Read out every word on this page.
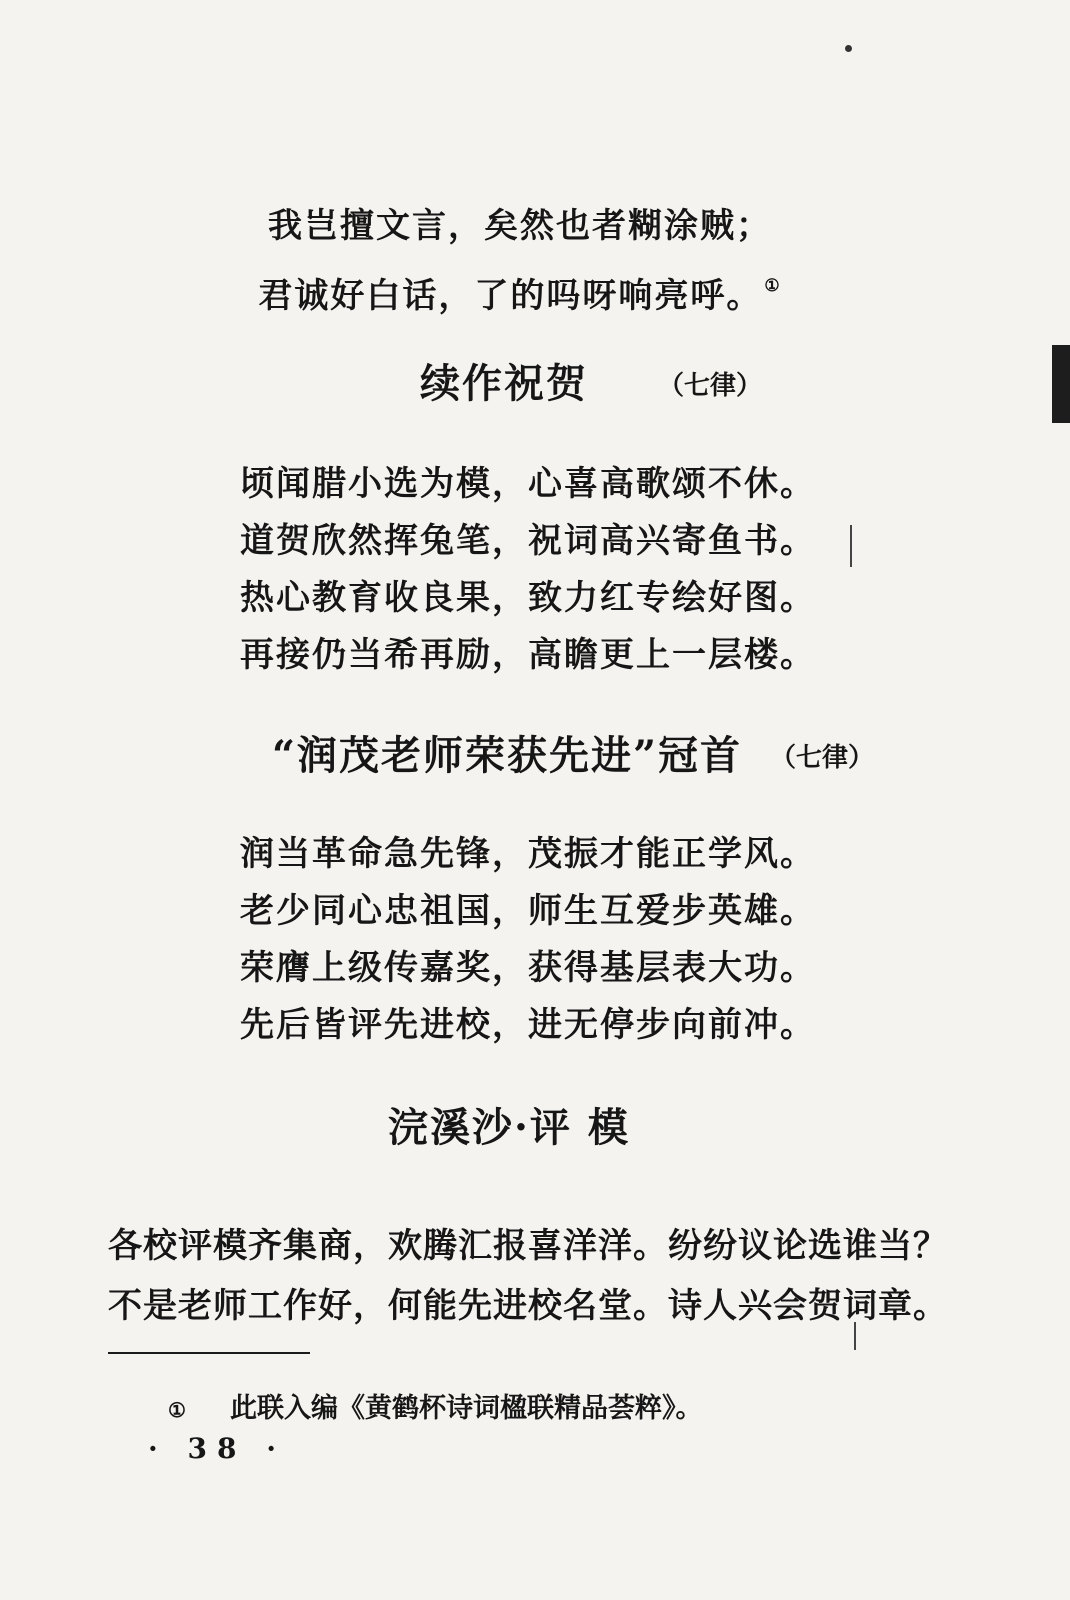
我岂擅文言，矣然也者糊涂贼；
君诚好白话，了的吗呀响亮呼。 ①
续作祝贺	（七律）
顷闻腊小选为模，心喜高歌颂不休。
道贺欣然挥兔笔，祝词高兴寄鱼书。
热心教育收良果，致力红专绘好图。
再接仍当希再励，高瞻更上一层楼。
“润茂老师荣获先进”冠首 （七律）
润当革命急先锋，茂振才能正学风。
老少同心忠祖国，师生互爱步英雄。
荣膺上级传嘉奖，获得基层表大功。
先后皆评先进校，进无停步向前冲。
浣溪沙·评 模
各校评模齐集商，欢腾汇报喜洋洋。纷纷议论选谁当？
不是老师工作好，何能先进校名堂。诗人兴会贺词章。
① 此联入编《黄鹤杯诗词楹联精品荟粹》。
· 38 ·
